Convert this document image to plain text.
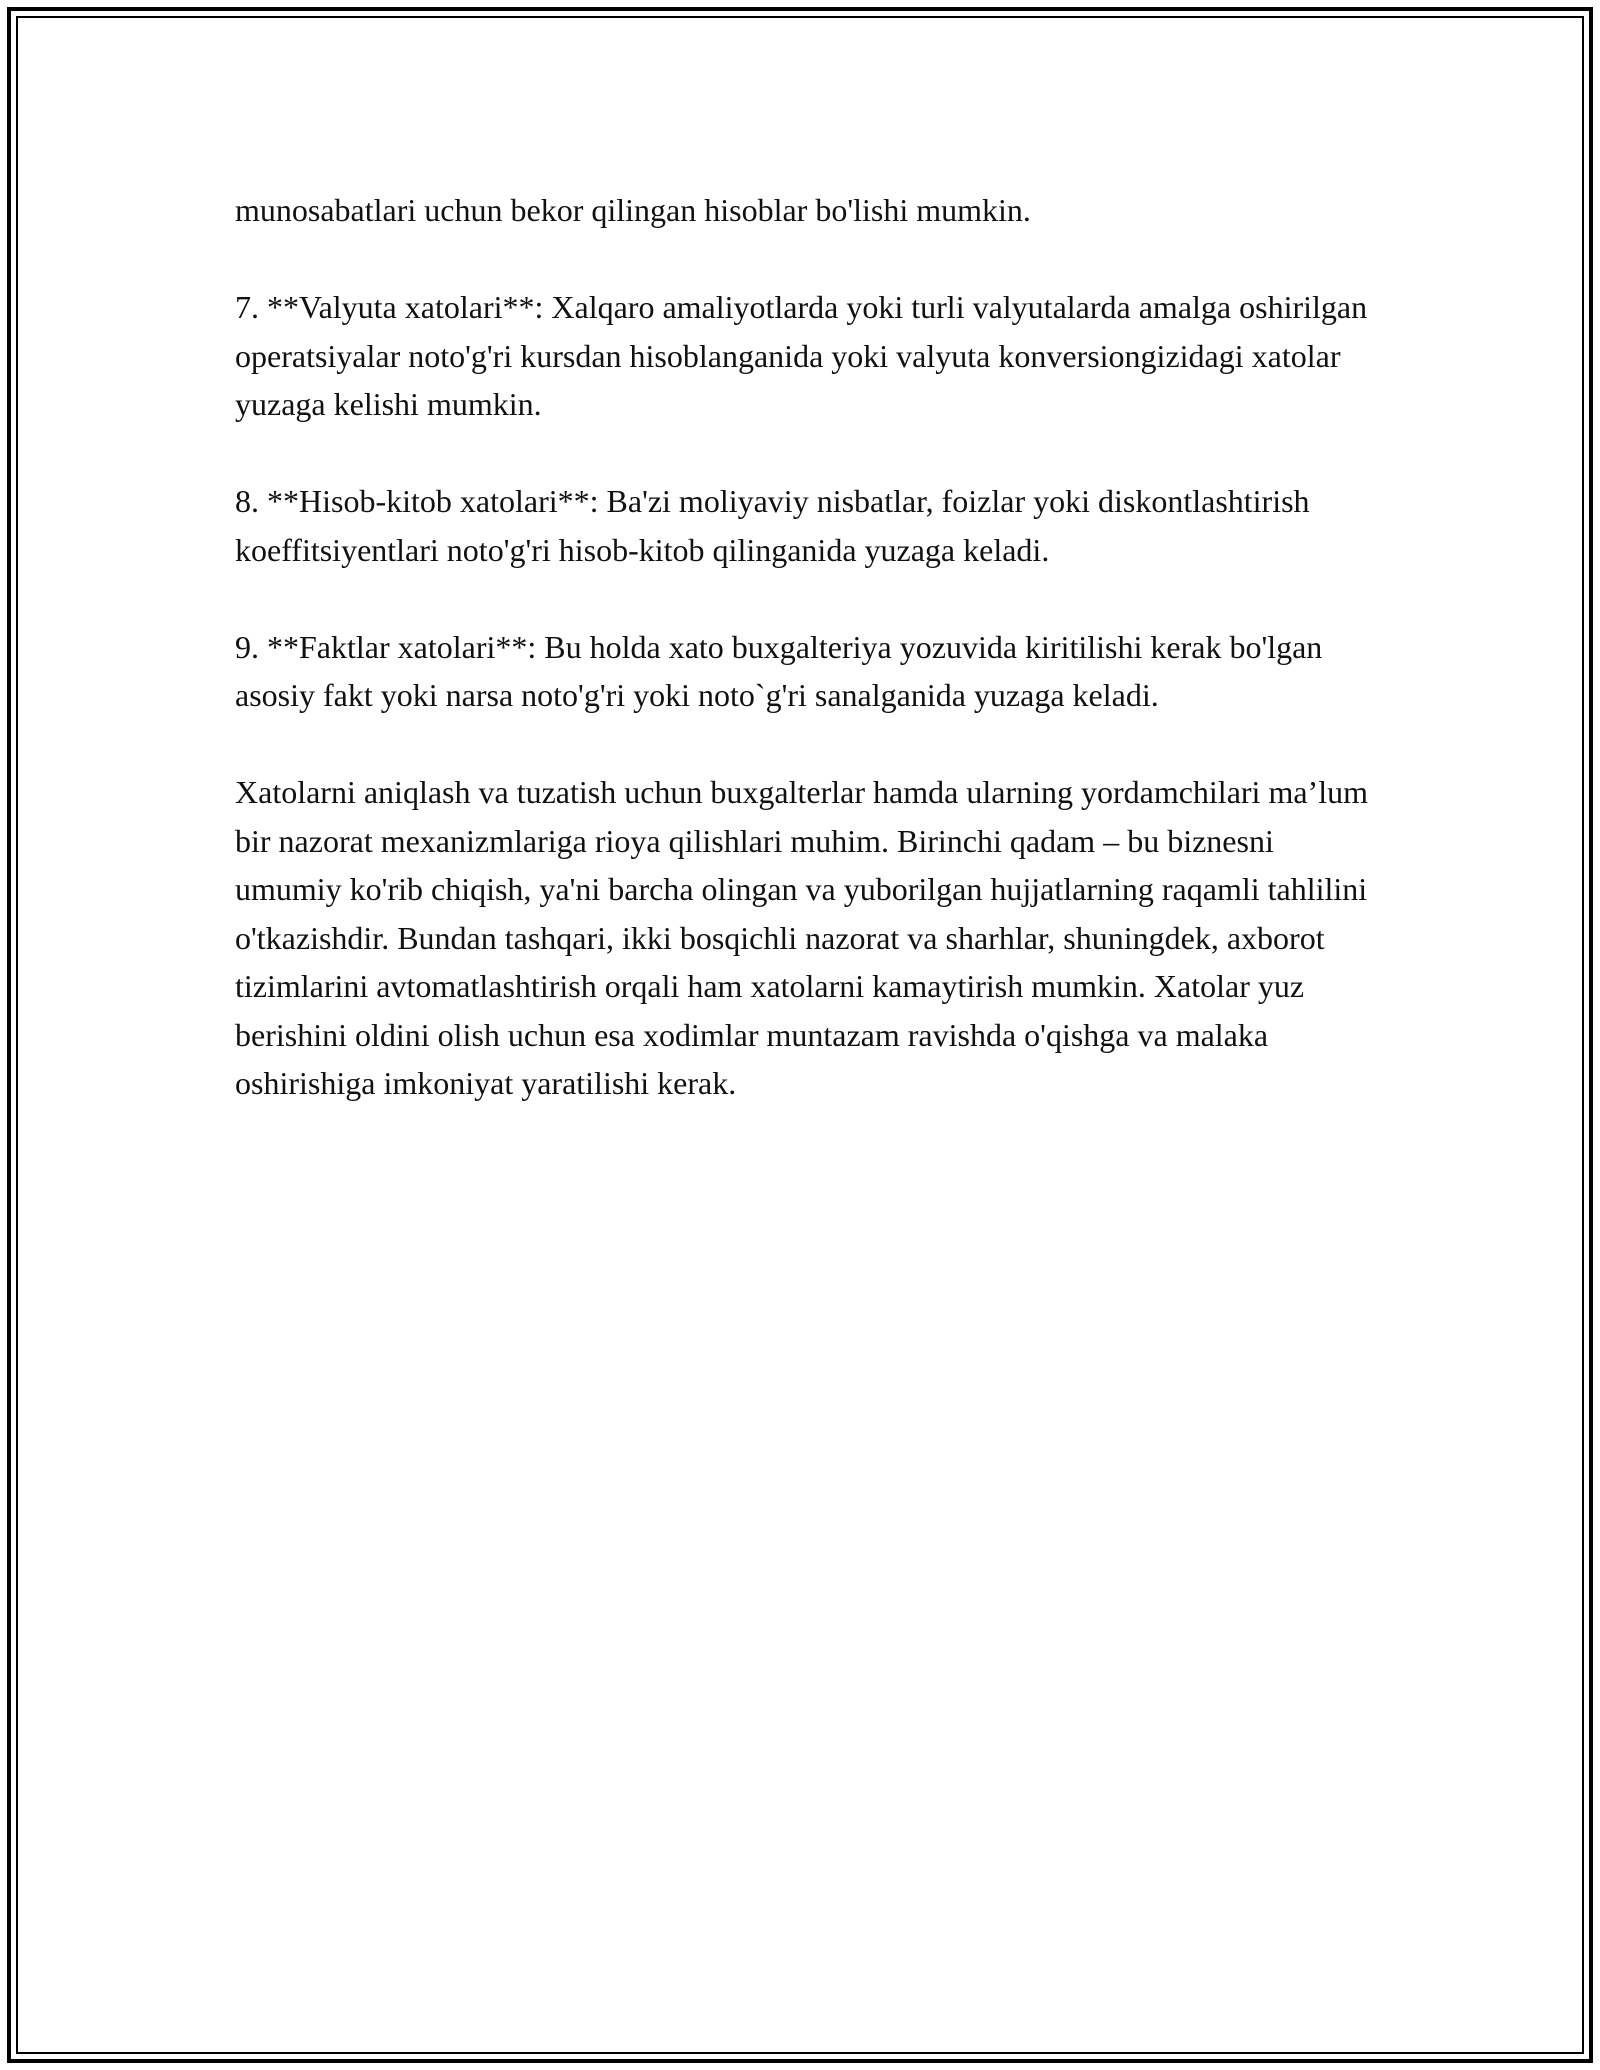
munosabatlari uchun bekor qilingan hisoblar bo'lishi mumkin.

7. **Valyuta xatolari**: Xalqaro amaliyotlarda yoki turli valyutalarda amalga oshirilgan operatsiyalar noto'g'ri kursdan hisoblanganida yoki valyuta konversiongizidagi xatolar yuzaga kelishi mumkin.

8. **Hisob-kitob xatolari**: Ba'zi moliyaviy nisbatlar, foizlar yoki diskontlashtirish koeffitsiyentlari noto'g'ri hisob-kitob qilinganida yuzaga keladi.

9. **Faktlar xatolari**: Bu holda xato buxgalteriya yozuvida kiritilishi kerak bo'lgan asosiy fakt yoki narsa noto'g'ri yoki noto`g'ri sanalganida yuzaga keladi.

Xatolarni aniqlash va tuzatish uchun buxgalterlar hamda ularning yordamchilari ma’lum bir nazorat mexanizmlariga rioya qilishlari muhim. Birinchi qadam – bu biznesni umumiy ko'rib chiqish, ya'ni barcha olingan va yuborilgan hujjatlarning raqamli tahlilini o'tkazishdir. Bundan tashqari, ikki bosqichli nazorat va sharhlar, shuningdek, axborot tizimlarini avtomatlashtirish orqali ham xatolarni kamaytirish mumkin. Xatolar yuz berishini oldini olish uchun esa xodimlar muntazam ravishda o'qishga va malaka oshirishiga imkoniyat yaratilishi kerak.
